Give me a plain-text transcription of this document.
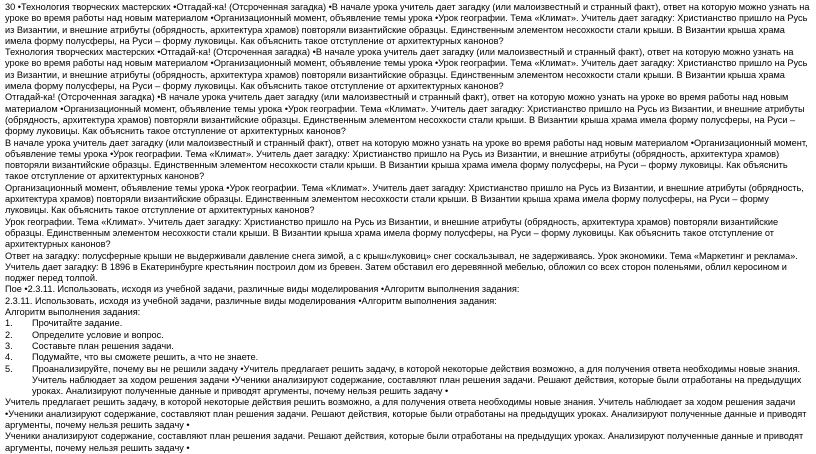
30 •Технология творческих мастерских •Отгадай-ка! (Отсроченная загадка) •В начале урока учитель дает загадку (или малоизвестный и странный факт), ответ на которую можно узнать на уроке во время работы над новым материалом •Организационный момент, объявление темы урока •Урок географии. Тема «Климат». Учитель дает загадку: Христианство пришло на Русь из Византии, и внешние атрибуты (обрядность, архитектура храмов) повторяли византийские образцы. Единственным элементом несохкости стали крыши. В Византии крыша храма имела форму полусферы, на Руси – форму луковицы. Как объяснить такое отступление от архитектурных канонов?

Технология творческих мастерских •Отгадай-ка! (Отсроченная загадка) •В начале урока учитель дает загадку (или малоизвестный и странный факт), ответ на которую можно узнать на уроке во время работы над новым материалом •Организационный момент, объявление темы урока •Урок географии. Тема «Климат». Учитель дает загадку: Христианство пришло на Русь из Византии, и внешние атрибуты (обрядность, архитектура храмов) повторяли византийские образцы. Единственным элементом несохкости стали крыши. В Византии крыша храма имела форму полусферы, на Руси – форму луковицы. Как объяснить такое отступление от архитектурных канонов?

Отгадай-ка! (Отсроченная загадка) •В начале урока учитель дает загадку (или малоизвестный и странный факт), ответ на которую можно узнать на уроке во время работы над новым материалом •Организационный момент, объявление темы урока •Урок географии. Тема «Климат». Учитель дает загадку: Христианство пришло на Русь из Византии, и внешние атрибуты (обрядность, архитектура храмов) повторяли византийские образцы. Единственным элементом несохкости стали крыши. В Византии крыша храма имела форму полусферы, на Руси – форму луковицы. Как объяснить такое отступление от архитектурных канонов?

В начале урока учитель дает загадку (или малоизвестный и странный факт), ответ на которую можно узнать на уроке во время работы над новым материалом •Организационный момент, объявление темы урока •Урок географии. Тема «Климат». Учитель дает загадку: Христианство пришло на Русь из Византии, и внешние атрибуты (обрядность, архитектура храмов) повторяли византийские образцы. Единственным элементом несохкости стали крыши. В Византии крыша храма имела форму полусферы, на Руси – форму луковицы. Как объяснить такое отступление от архитектурных канонов?

Организационный момент, объявление темы урока •Урок географии. Тема «Климат». Учитель дает загадку: Христианство пришло на Русь из Византии, и внешние атрибуты (обрядность, архитектура храмов) повторяли византийские образцы. Единственным элементом несохкости стали крыши. В Византии крыша храма имела форму полусферы, на Руси – форму луковицы. Как объяснить такое отступление от архитектурных канонов?

Урок географии. Тема «Климат». Учитель дает загадку: Христианство пришло на Русь из Византии, и внешние атрибуты (обрядность, архитектура храмов) повторяли византийские образцы. Единственным элементом несохкости стали крыши. В Византии крыша храма имела форму полусферы, на Руси – форму луковицы. Как объяснить такое отступление от архитектурных канонов?

Ответ на загадку: полусферные крыши не выдерживали давление снега зимой, а с крыш«луковиц» снег соскальзывал, не задерживаясь. Урок экономики. Тема «Маркетинг и реклама».

Учитель дает загадку: В 1896 в Екатеринбурге крестьянин построил дом из бревен. Затем обставил его деревянной мебелью, обложил со всех сторон поленьями, облил керосином и поджег перед толпой.

Пое •2.3.11. Использовать, исходя из учебной задачи, различные виды моделирования •Алгоритм выполнения задания:

2.3.11. Использовать, исходя из учебной задачи, различные виды моделирования •Алгоритм выполнения задания:

Алгоритм выполнения задания:

1.	Прочитайте задание.
2.	Определите условие и вопрос.
3.	Составьте план решения задачи.
4.	Подумайте, что вы сможете решить, а что не знаете.
5.	Проанализируйте, почему вы не решили задачу •Учитель предлагает решить задачу, в которой некоторые действия возможно, а для получения ответа необходимы новые знания. Учитель наблюдает за ходом решения задачи •Ученики анализируют содержание, составляют план решения задачи. Решают действия, которые были отработаны на предыдущих уроках. Анализируют полученные данные и приводят аргументы, почему нельзя решить задачу •

Учитель предлагает решить задачу, в которой некоторые действия решить возможно, а для получения ответа необходимы новые знания. Учитель наблюдает за ходом решения задачи •Ученики анализируют содержание, составляют план решения задачи. Решают действия, которые были отработаны на предыдущих уроках. Анализируют полученные данные и приводят аргументы, почему нельзя решить задачу •

Ученики анализируют содержание, составляют план решения задачи. Решают действия, которые были отработаны на предыдущих уроках. Анализируют полученные данные и приводят аргументы, почему нельзя решить задачу •
